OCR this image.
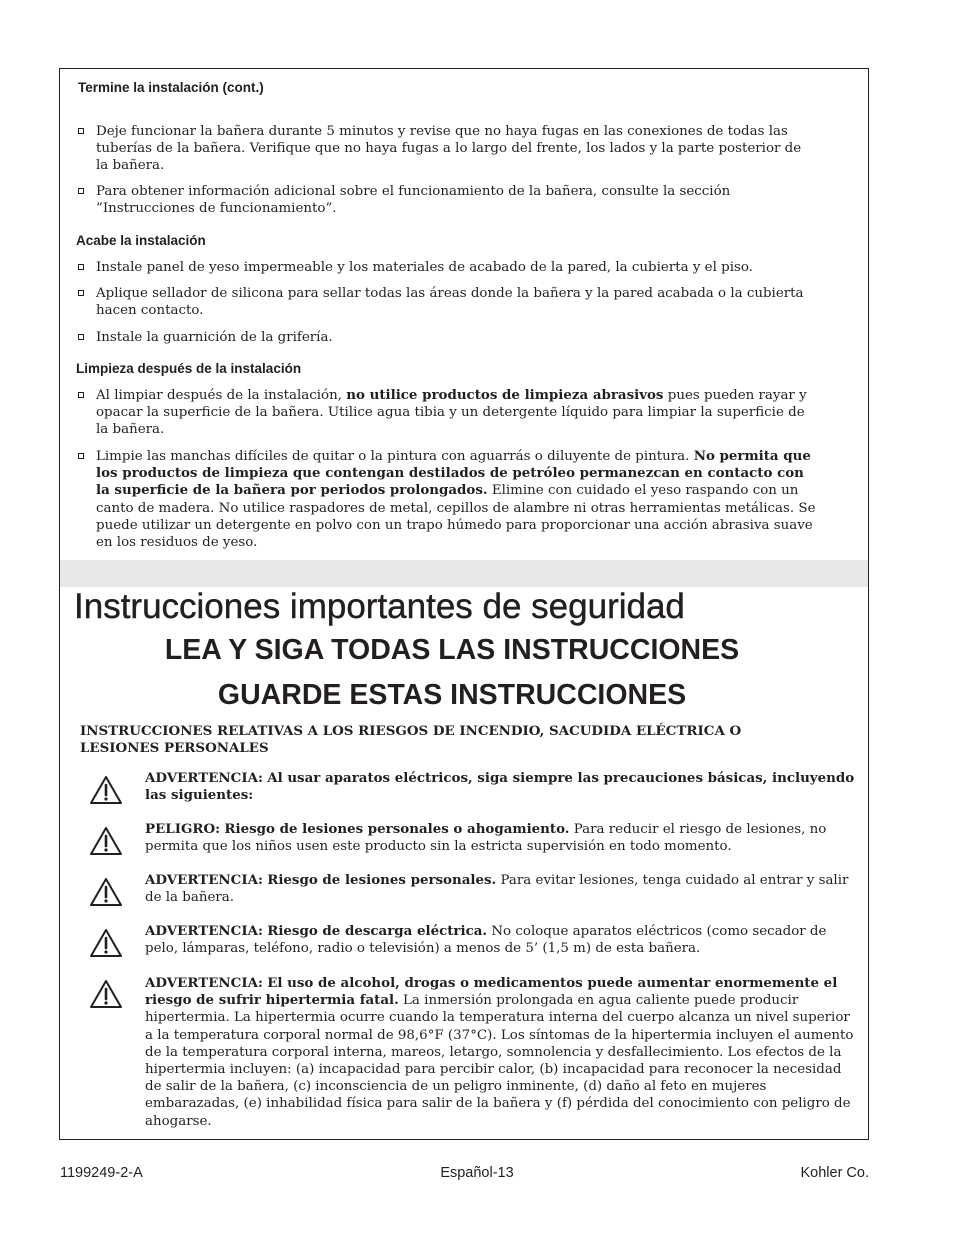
Termine la instalación (cont.)
Deje funcionar la bañera durante 5 minutos y revise que no haya fugas en las conexiones de todas las tuberías de la bañera. Verifique que no haya fugas a lo largo del frente, los lados y la parte posterior de la bañera.
Para obtener información adicional sobre el funcionamiento de la bañera, consulte la sección ”Instrucciones de funcionamiento”.
Acabe la instalación
Instale panel de yeso impermeable y los materiales de acabado de la pared, la cubierta y el piso.
Aplique sellador de silicona para sellar todas las áreas donde la bañera y la pared acabada o la cubierta hacen contacto.
Instale la guarnición de la grifería.
Limpieza después de la instalación
Al limpiar después de la instalación, no utilice productos de limpieza abrasivos pues pueden rayar y opacar la superficie de la bañera. Utilice agua tibia y un detergente líquido para limpiar la superficie de la bañera.
Limpie las manchas difíciles de quitar o la pintura con aguarrás o diluyente de pintura. No permita que los productos de limpieza que contengan destilados de petróleo permanezcan en contacto con la superficie de la bañera por periodos prolongados. Elimine con cuidado el yeso raspando con un canto de madera. No utilice raspadores de metal, cepillos de alambre ni otras herramientas metálicas. Se puede utilizar un detergente en polvo con un trapo húmedo para proporcionar una acción abrasiva suave en los residuos de yeso.
Instrucciones importantes de seguridad
LEA Y SIGA TODAS LAS INSTRUCCIONES
GUARDE ESTAS INSTRUCCIONES
INSTRUCCIONES RELATIVAS A LOS RIESGOS DE INCENDIO, SACUDIDA ELÉCTRICA O LESIONES PERSONALES
ADVERTENCIA: Al usar aparatos eléctricos, siga siempre las precauciones básicas, incluyendo las siguientes:
PELIGRO: Riesgo de lesiones personales o ahogamiento. Para reducir el riesgo de lesiones, no permita que los niños usen este producto sin la estricta supervisión en todo momento.
ADVERTENCIA: Riesgo de lesiones personales. Para evitar lesiones, tenga cuidado al entrar y salir de la bañera.
ADVERTENCIA: Riesgo de descarga eléctrica. No coloque aparatos eléctricos (como secador de pelo, lámparas, teléfono, radio o televisión) a menos de 5’ (1,5 m) de esta bañera.
ADVERTENCIA: El uso de alcohol, drogas o medicamentos puede aumentar enormemente el riesgo de sufrir hipertermia fatal. La inmersión prolongada en agua caliente puede producir hipertermia. La hipertermia ocurre cuando la temperatura interna del cuerpo alcanza un nivel superior a la temperatura corporal normal de 98,6°F (37°C). Los síntomas de la hipertermia incluyen el aumento de la temperatura corporal interna, mareos, letargo, somnolencia y desfallecimiento. Los efectos de la hipertermia incluyen: (a) incapacidad para percibir calor, (b) incapacidad para reconocer la necesidad de salir de la bañera, (c) inconsciencia de un peligro inminente, (d) daño al feto en mujeres embarazadas, (e) inhabilidad física para salir de la bañera y (f) pérdida del conocimiento con peligro de ahogarse.
1199249-2-A	Español-13	Kohler Co.
